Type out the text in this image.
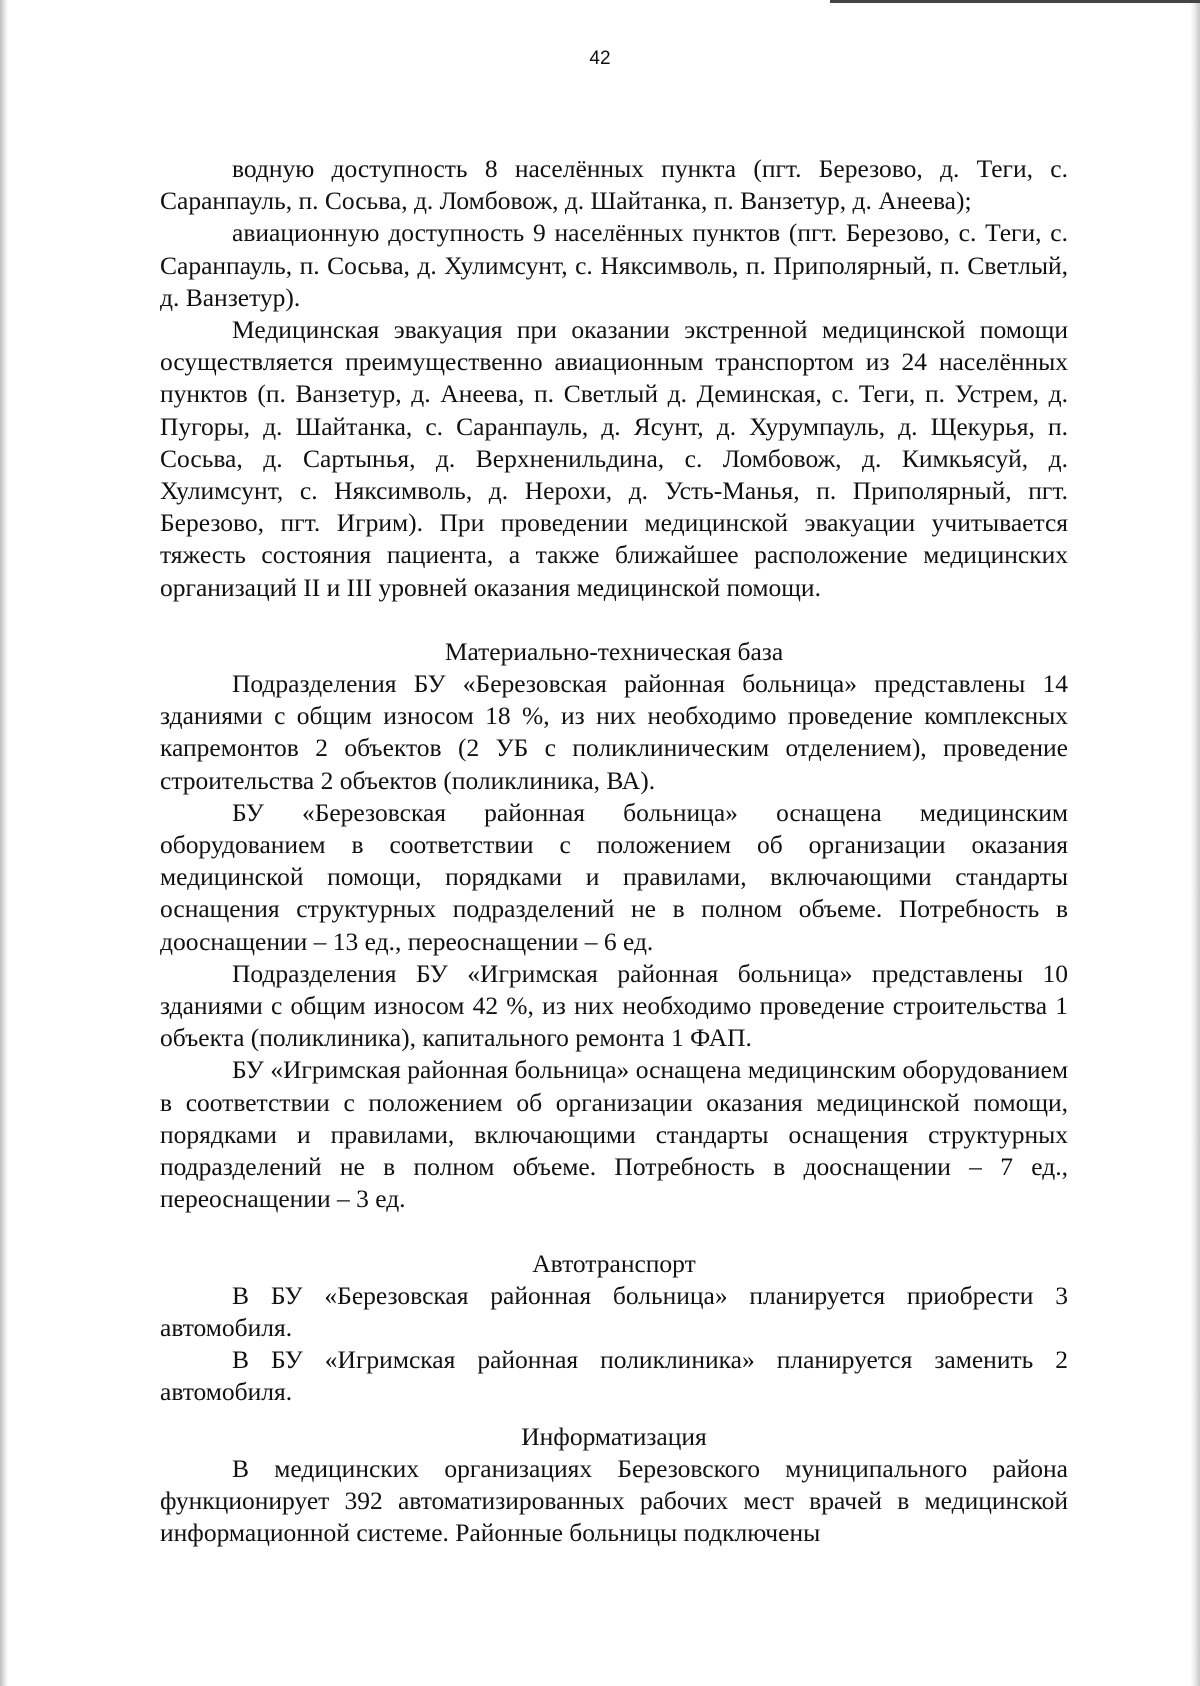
42

водную доступность 8 населённых пункта (пгт. Березово, д. Теги, с. Саранпауль, п. Сосьва, д. Ломбовож, д. Шайтанка, п. Ванзетур, д. Анеева);

авиационную доступность 9 населённых пунктов (пгт. Березово, с. Теги, с. Саранпауль, п. Сосьва, д. Хулимсунт, с. Няксимволь, п. Приполярный, п. Светлый, д. Ванзетур).

Медицинская эвакуация при оказании экстренной медицинской помощи осуществляется преимущественно авиационным транспортом из 24 населённых пунктов (п. Ванзетур, д. Анеева, п. Светлый д. Деминская, с. Теги, п. Устрем, д. Пугоры, д. Шайтанка, с. Саранпауль, д. Ясунт, д. Хурумпауль, д. Щекурья, п. Сосьва, д. Сартынья, д. Верхненильдина, с. Ломбовож, д. Кимкьясуй, д. Хулимсунт, с. Няксимволь, д. Нерохи, д. Усть-Манья, п. Приполярный, пгт. Березово, пгт. Игрим). При проведении медицинской эвакуации учитывается тяжесть состояния пациента, а также ближайшее расположение медицинских организаций II и III уровней оказания медицинской помощи.

Материально-техническая база

Подразделения БУ «Березовская районная больница» представлены 14 зданиями с общим износом 18 %, из них необходимо проведение комплексных капремонтов 2 объектов (2 УБ с поликлиническим отделением), проведение строительства 2 объектов (поликлиника, ВА).

БУ «Березовская районная больница» оснащена медицинским оборудованием в соответствии с положением об организации оказания медицинской помощи, порядками и правилами, включающими стандарты оснащения структурных подразделений не в полном объеме. Потребность в дооснащении – 13 ед., переоснащении – 6 ед.

Подразделения БУ «Игримская районная больница» представлены 10 зданиями с общим износом 42 %, из них необходимо проведение строительства 1 объекта (поликлиника), капитального ремонта 1 ФАП.

БУ «Игримская районная больница» оснащена медицинским оборудованием в соответствии с положением об организации оказания медицинской помощи, порядками и правилами, включающими стандарты оснащения структурных подразделений не в полном объеме. Потребность в дооснащении – 7 ед., переоснащении – 3 ед.

Автотранспорт

В БУ «Березовская районная больница» планируется приобрести 3 автомобиля.

В БУ «Игримская районная поликлиника» планируется заменить 2 автомобиля.

Информатизация

В медицинских организациях Березовского муниципального района функционирует 392 автоматизированных рабочих мест врачей в медицинской информационной системе. Районные больницы подключены
